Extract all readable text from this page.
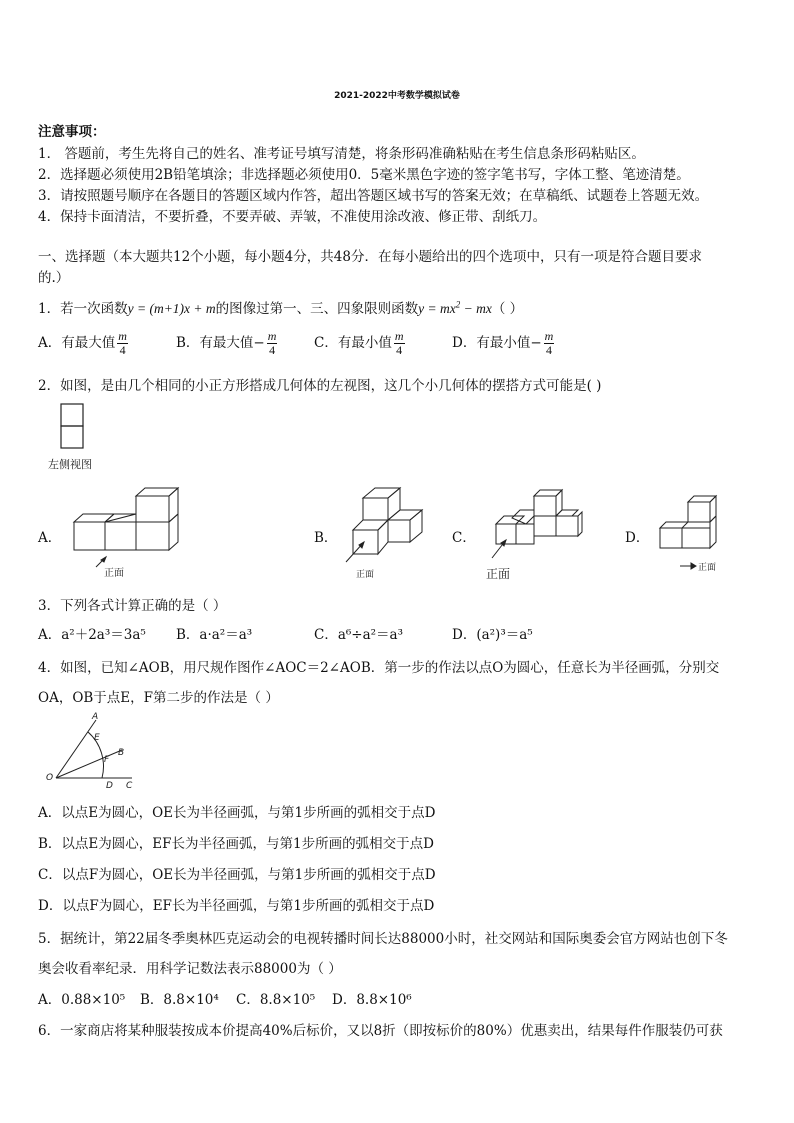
2021-2022中考数学模拟试卷
注意事项：
1． 答题前，考生先将自己的姓名、准考证号填写清楚，将条形码准确粘贴在考生信息条形码粘贴区。
2．选择题必须使用2B铅笔填涂；非选择题必须使用0．5毫米黑色字迹的签字笔书写，字体工整、笔迹清楚。
3．请按照题号顺序在各题目的答题区域内作答，超出答题区域书写的答案无效；在草稿纸、试题卷上答题无效。
4．保持卡面清洁，不要折叠，不要弄破、弄皱，不准使用涂改液、修正带、刮纸刀。
一、选择题（本大题共12个小题，每小题4分，共48分．在每小题给出的四个选项中，只有一项是符合题目要求
的.）
1．若一次函数y = (m+1)x + m的图像过第一、三、四象限则函数$y = mx^2 - mx$（ ）
A．有最大值 $\frac{m}{4}$	B．有最大值− $\frac{m}{4}$	C．有最小值 $\frac{m}{4}$	D．有最小值− $\frac{m}{4}$
2．如图，是由几个相同的小正方形搭成几何体的左视图，这几个小几何体的摆搭方式可能是( )
左侧视图
A．	B．	C．	D．
正面	正面	正面	正面
3．下列各式计算正确的是（ ）
A．a²＋2a³＝3a⁵ B．a·a²＝a³	C．a⁶÷a²＝a³	D．(a²)³＝a⁵
4．如图，已知∠AOB，用尺规作图作∠AOC＝2∠AOB．第一步的作法以点O为圆心，任意长为半径画弧，分别交
OA，OB于点E，F第二步的作法是（ ）
A
E
B
F
O
D C
A．以点E为圆心，OE长为半径画弧，与第1步所画的弧相交于点D
B．以点E为圆心，EF长为半径画弧，与第1步所画的弧相交于点D
C．以点F为圆心，OE长为半径画弧，与第1步所画的弧相交于点D
D．以点F为圆心，EF长为半径画弧，与第1步所画的弧相交于点D
5．据统计，第22届冬季奥林匹克运动会的电视转播时间长达88000小时，社交网站和国际奥委会官方网站也创下冬
奥会收看率纪录．用科学记数法表示88000为（ ）
A．0.88×10⁵ B．8.8×10⁴ C．8.8×10⁵ D．8.8×10⁶
6．一家商店将某种服装按成本价提高40%后标价，又以8折（即按标价的80%）优惠卖出，结果每件作服装仍可获
